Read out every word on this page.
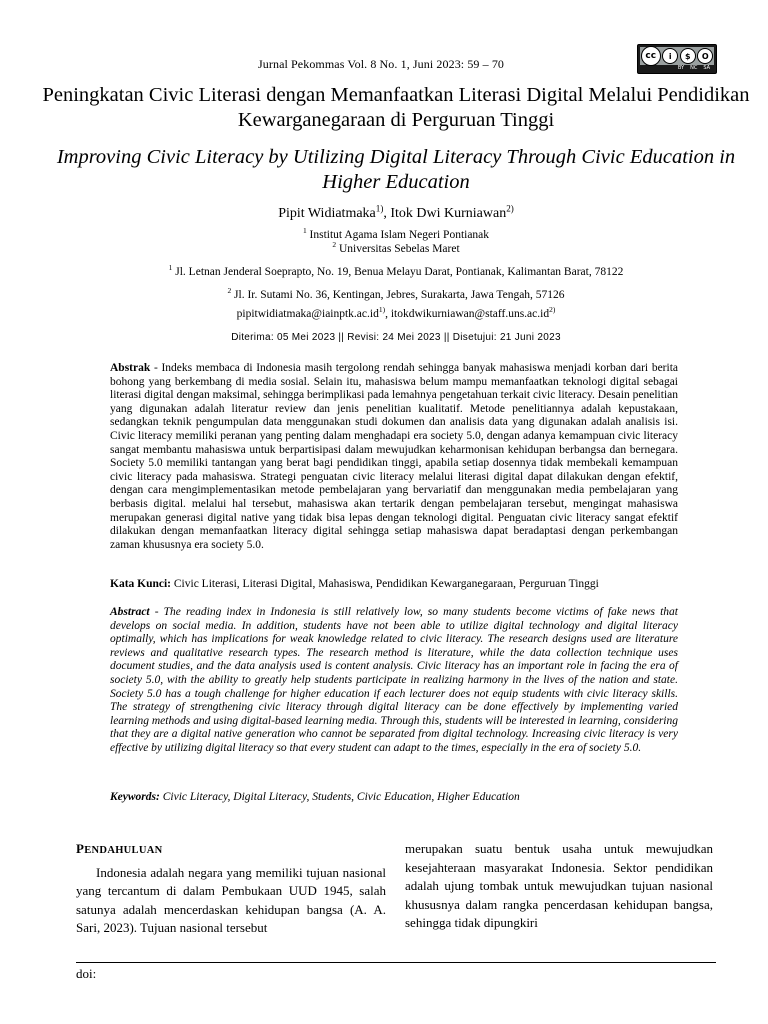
Jurnal Pekommas Vol. 8 No. 1, Juni 2023: 59 – 70
cc	i	$	O
BY NC SA
Peningkatan Civic Literasi dengan Memanfaatkan Literasi Digital Melalui Pendidikan Kewarganegaraan di Perguruan Tinggi
Improving Civic Literacy by Utilizing Digital Literacy Through Civic Education in Higher Education
Pipit Widiatmaka$^{1)}$, Itok Dwi Kurniawan$^{2)}$
$^1$ Institut Agama Islam Negeri Pontianak
$^2$ Universitas Sebelas Maret
$^1$ Jl. Letnan Jenderal Soeprapto, No. 19, Benua Melayu Darat, Pontianak, Kalimantan Barat, 78122
$^2$ Jl. Ir. Sutami No. 36, Kentingan, Jebres, Surakarta, Jawa Tengah, 57126
$pipitwidiatmaka@iainptk.ac.id^{1)}$, $itokdwikurniawan@staff.uns.ac.id^{2)}$
Diterima: 05 Mei 2023 || Revisi: 24 Mei 2023 || Disetujui: 21 Juni 2023
Abstrak - Indeks membaca di Indonesia masih tergolong rendah sehingga banyak mahasiswa menjadi korban dari berita bohong yang berkembang di media sosial. Selain itu, mahasiswa belum mampu memanfaatkan teknologi digital sebagai literasi digital dengan maksimal, sehingga berimplikasi pada lemahnya pengetahuan terkait civic literacy. Desain penelitian yang digunakan adalah literatur review dan jenis penelitian kualitatif. Metode penelitiannya adalah kepustakaan, sedangkan teknik pengumpulan data menggunakan studi dokumen dan analisis data yang digunakan adalah analisis isi. Civic literacy memiliki peranan yang penting dalam menghadapi era society 5.0, dengan adanya kemampuan civic literacy sangat membantu mahasiswa untuk berpartisipasi dalam mewujudkan keharmonisan kehidupan berbangsa dan bernegara. Society 5.0 memiliki tantangan yang berat bagi pendidikan tinggi, apabila setiap dosennya tidak membekali kemampuan civic literacy pada mahasiswa. Strategi penguatan civic literacy melalui literasi digital dapat dilakukan dengan efektif, dengan cara mengimplementasikan metode pembelajaran yang bervariatif dan menggunakan media pembelajaran yang berbasis digital. melalui hal tersebut, mahasiswa akan tertarik dengan pembelajaran tersebut, mengingat mahasiswa merupakan generasi digital native yang tidak bisa lepas dengan teknologi digital. Penguatan civic literacy sangat efektif dilakukan dengan memanfaatkan literacy digital sehingga setiap mahasiswa dapat beradaptasi dengan perkembangan zaman khususnya era society 5.0.
Kata Kunci: Civic Literasi, Literasi Digital, Mahasiswa, Pendidikan Kewarganegaraan, Perguruan Tinggi
Abstract - The reading index in Indonesia is still relatively low, so many students become victims of fake news that develops on social media. In addition, students have not been able to utilize digital technology and digital literacy optimally, which has implications for weak knowledge related to civic literacy. The research designs used are literature reviews and qualitative research types. The research method is literature, while the data collection technique uses document studies, and the data analysis used is content analysis. Civic literacy has an important role in facing the era of society 5.0, with the ability to greatly help students participate in realizing harmony in the lives of the nation and state. Society 5.0 has a tough challenge for higher education if each lecturer does not equip students with civic literacy skills. The strategy of strengthening civic literacy through digital literacy can be done effectively by implementing varied learning methods and using digital-based learning media. Through this, students will be interested in learning, considering that they are a digital native generation who cannot be separated from digital technology. Increasing civic literacy is very effective by utilizing digital literacy so that every student can adapt to the times, especially in the era of society 5.0.
Keywords: Civic Literacy, Digital Literacy, Students, Civic Education, Higher Education
PENDAHULUAN
Indonesia adalah negara yang memiliki tujuan nasional yang tercantum di dalam Pembukaan UUD 1945, salah satunya adalah mencerdaskan kehidupan bangsa (A. A. Sari, 2023). Tujuan nasional tersebut
merupakan suatu bentuk usaha untuk mewujudkan kesejahteraan masyarakat Indonesia. Sektor pendidikan adalah ujung tombak untuk mewujudkan tujuan nasional khususnya dalam rangka pencerdasan kehidupan bangsa, sehingga tidak dipungkiri
doi:
